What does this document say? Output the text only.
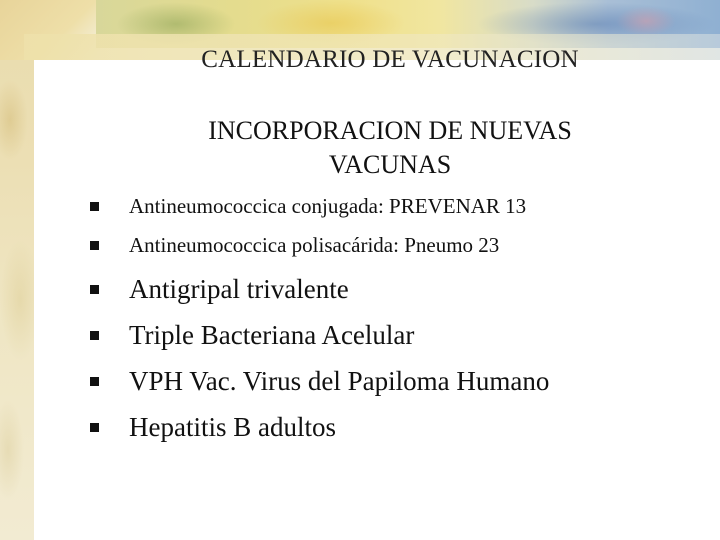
CALENDARIO DE VACUNACION
INCORPORACION DE NUEVAS
VACUNAS
Antineumococcica conjugada: PREVENAR 13
Antineumococcica polisacárida: Pneumo 23
Antigripal trivalente
Triple Bacteriana Acelular
VPH Vac. Virus del Papiloma Humano
Hepatitis B adultos
